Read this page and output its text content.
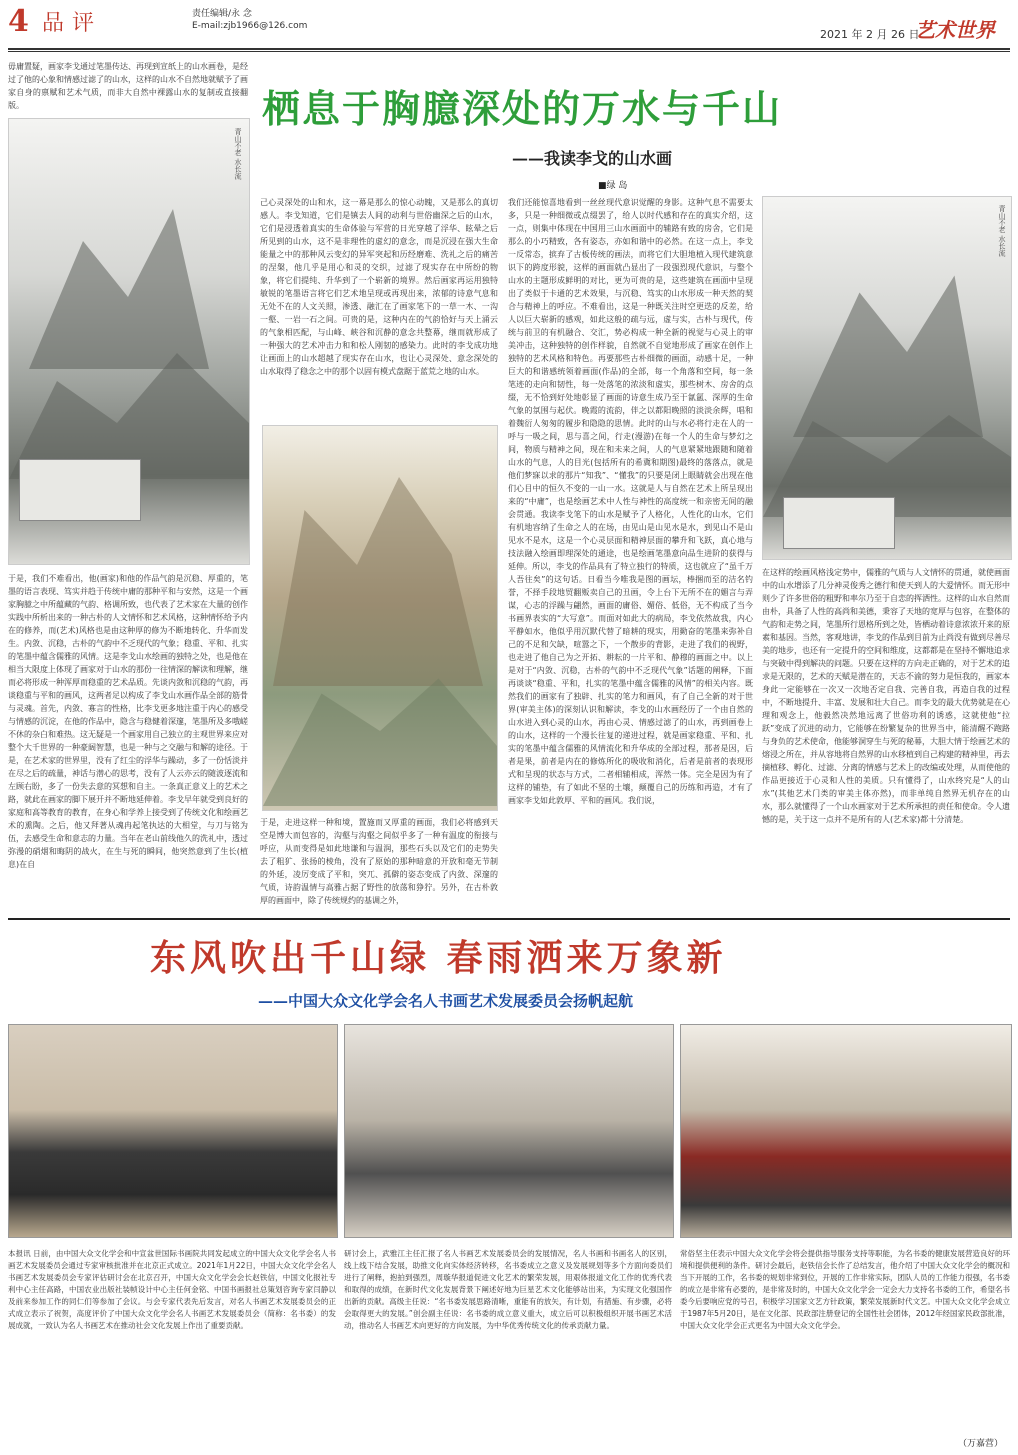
4 品评	责任编辑/永 念
E-mail:zjb1966@126.com
2021 年 2 月 26 日
艺术世界
毋庸置疑，画家李戈通过笔墨传达、再现到宣纸上的山水画卷，是经过了他的心象和情感过滤了的山水，这样的山水不自然地就赋予了画家自身的禀赋和艺术气质，而非大自然中裸露山水的复制或直接翻版。	栖息于胸臆深处的万水与千山
——我读李戈的山水画
■绿 岛
青山不老 水长流
于是，我们不难看出，他(画家)和他的作品气韵是沉稳、厚重的，笔墨的语言表现、笃实并趋于传统中庸的那种平和与安然，这是一个画家胸臆之中所蕴藏的气韵、格调所致，也代表了艺术家在大量的创作实践中所析出来的一种古朴的人文情怀和艺术风格，这种情怀给予内在的修养，而(艺术)风格也是由这种厚的修为不断地转化、升华而发生。内敛、沉稳，古朴的气韵中不乏现代的气象；稳重、平和、扎实的笔墨中蕴含儒雅的风情。这是李戈山水绘画的独特之处，也是他在相当大限度上体现了画家对于山水的那份一往情深的解读和理解，继而必将形成一种浑厚而稳重的艺术品质。先谈内敛和沉稳的气韵，再谈稳重与平和的画风，这两者足以构成了李戈山水画作品全部的筋骨与灵魂。首先，内敛、寡言的性格，比李戈更多地注重于内心的感受与情感的沉淀，在他的作品中，隐含与稳健着深邃，笔墨所及多哦嵯不休的杂白和难热。这无疑是一个画家用自己独立的主观世界来应对整个大千世界的一种豪阔智慧，也是一种与之交融与和解的途径。于是，在艺术家的世界里，没有了红尘的浮华与躁动，多了一份恬淡并在尽之后的疏量，神话与潜心的思考，没有了人云亦云的随波逐流和左顾右盼，多了一份失去意的冥想和自主。一条真正意义上的艺术之路，就此在画家的脚下展开并不断地延伸着。李戈早年就受到良好的家庭和高等教育的教育，在身心和学养上接受到了传统文化和绘画艺术的熏陶。之后，他又拜著从魂冉起笔执达的大相堂，与刀与铭为伍，去感受生命和意志的力量。当年在老山前线他久的洗礼中，透过弥漫的硝烟和晦阴的战火，在生与死的瞬间，他突然意到了生长(植息)在自
己心灵深处的山和水，这一幕是那么的惊心动魄，又是那么的真切感人。李戈知道，它们是镇去人间的动利与世俗幽深之后的山水，它们是浸透着真实的生命体验与军营的日光穿越了浮华、眩晕之后所见到的山水，这不是非理性的虚幻的意念，而是沉浸在强大生命能量之中的那种风云变幻的异军突起和历经磨难、洗礼之后的痛苦的涅槃，他几乎是用心和灵的交织，过滤了现实存在中所纷的物象，将它们提纯、升华到了一个崭新的境界。然后画家再运用独特敏锐的笔墨语言将它们艺术地呈现或再现出来，浓郁的诗意气息和无处不在的人文关照，渗透、融汇在了画家笔下的一草一木、一沟一壑、一岩一石之间。可贵的是，这种内在的气韵恰好与天上涌云的气象相匹配，与山峰、峡谷和沉静的意念共整幕，继而就形成了一种强大的艺术冲击力和和松人刚韧的感染力。此时的李戈成功地让画面上的山水超越了现实存在山水，也让心灵深处、意念深处的山水取得了稳念之中的那个以固有模式盘踞于蓝荒之地的山水。
于是，走进这样一种和境，置施而又厚重的画面，我们必将感到天空是博大而包容的，沟壑与沟壑之间似乎多了一种有温度的衔接与呼应，从而变得是如此地谦和与温润，那些石头以及它们的走势失去了粗犷、张扬的棱角，没有了原始的那种暗意的开放和毫无节制的外延，凌厉变成了平和，突兀、孤僻的姿态变成了内敛、深邃的气质，诗韵温情与高雅占据了野性的放荡和狰狞。另外，在古朴敦厚的画面中，除了传统规约的基调之外，
我们还能惊喜地看到一丝丝现代意识觉醒的身影。这种气息不需要太多，只是一种细微或点缀罢了，给人以时代感和存在的真实介绍，这一点，则集中体现在中国用三山水画面中的辅路有致的房舍，它们是那么的小巧精致，各有姿态，亦如和谐中的必然。在这一点上，李戈一反常态，摈弃了古板传统的画法，而将它们大胆地植入现代建筑意识下的跨度形貌，这样的画面就凸显出了一段强烈现代意识，与整个山水的主题形成鲜明的对比，更为可贵的是，这些建筑在画面中呈现出了类似于卡通的艺术效果，与沉稳、笃实的山水形成一种天然的契合与精神上的呼应。不难看出，这是一种既关注时空更迭的反差，给人以巨大崭新的感观，如此这般的疏与远，虚与实，古朴与现代，传统与前卫的有机融合、交汇，势必构成一种全新的视觉与心灵上的审美冲击，这种独特的创作样貌，自然就不自觉地形成了画家在创作上独特的艺术风格和特色。再要那些古朴细微的画面，动感十足，一种巨大的和谐感统领着画面(作品)的全部，每一个角落和空间，每一条笔迹的走向和韧性，每一处落笔的浓淡和虚实，那些树木、房舍的点缀，无不恰到好处地彰显了画面的诗意生成乃至于氤氲、深厚的生命气象的氛围与起伏。晚霞的流韵，伴之以都阳晚照的淡淡余辉，唱和着魏衍人匆匆的履步和隐隐的思情。此时的山与水必将行走在人的一呼与一吸之间，思与喜之间，行走(漫游)在每一个人的生命与梦幻之间，物质与精神之间，现在和未来之间，人的气息紧紧地跟随和随着山水的气息，人的目光(包括所有的希冀和期图)最终的落落点，就是他们梦寐以求的那片“知我”、“懂我”的只要是闭上眼睛就会出现在他们心目中的恒久不变的一山一水。这就是人与自然在艺术上所呈现出来的“中庸”，也是绘画艺术中人性与神性的高度统一和亲密无间的融会贯通。我读李戈笔下的山水是赋予了人格化，人性化的山水，它们有机地容纳了生命之人的在场，由见山是山见水是水，到见山不是山见水不是水，这是一个心灵层面和精神层面的攀升和飞跃，真心地与技法融入绘画即理深处的通途，也是绘画笔墨意向品生进阶的获得与延伸。所以，李戈的作品具有了特立独行的特质，这也就应了“虽千万人吾往矣”的这句话。日看当今唯我是图的画坛，棒捆而至的洁名钓誉，不择手段地贸翻贩卖自己的丑画，令上台下无所不在的媚言与弄谋，心志的浮躁与翩然，画面的庸俗、媚俗、低俗，无不构成了当今书画界表实的“大写意”。而面对如此大的病局，李戈依然故我，内心平静如水，他似乎用沉默代替了暗耕的现实，用勤奋的笔墨来弥补自己的不足和欠缺，喧嚣之下，一个散步的背影，走进了我们的视野，也走进了他自己为之开拓、耕耘的一片平和、静穆的画面之中。以上是对于“内敛、沉稳，古朴的气韵中不乏现代气象”话题的阐释，下面再谈谈“稳重、平和，扎实的笔墨中蕴含儒雅的风情”的相关内容。既然我们的画家有了独辟、扎实的笔力和画风，有了自己全新的对于世界(审美主体)的深刻认识和解读，李戈的山水画经历了一个由自然的山水进入到心灵的山水，再由心灵、情感过滤了的山水，再到画卷上的山水，这样的一个漫长往复的递进过程，就是画家稳重、平和、扎实的笔墨中蕴含儒雅的风情流化和升华成的全部过程，那者是因，后者是果，前者是内在的修炼所化的吸收和消化，后者是前者的表现形式和呈现的状态与方式，二者相辅相成，浑然一体。完全是因为有了这样的铺垫，有了如此不坚的土壤，颠覆自己的历练和再造，才有了画家李戈如此敦厚、平和的画风。我们说，
青山不老 水长流
在这样的绘画风格浅定势中，儒雅的气质与人文情怀的贯通，就使画面中的山水增添了几分神灵俊秀之德行和使天到人的大爱情怀。而无形中则少了许多世俗的粗野和率尔乃至于自恋的挥洒性。这样的山水自然而由朴，具备了人性的高尚和美德，秉容了天地的宽厚与包容，在整体的气韵和走势之间，笔墨所行恩格所到之处，皆栖动着诗意浓浓开来的原素和基因。当然，客观地讲，李戈的作品到目前为止尚没有做到尽善尽美的地步，也还有一定提升的空间和维度，这都都是在坚持不懈地追求与突破中得到解决的问题。只要在这样的方向走正确的，对于艺术的追求是无限的，艺术的天赋是潜在的，天志不渝的努力是恒我的，画家本身此一定能够在一次又一次地否定自我、完善自我，再造自我的过程中，不断地提升、丰富、发展和壮大自己。而李戈的最大优势就是在心理和观念上，他毅然决然地远离了世俗功利的诱惑，这就使他“拉跃”变成了沉进的动力，它能够在纷繁复杂的世界当中，能清醒不跑路与身负的艺术使命，他能够洞穿生与死的秘幕，大胆大情于绘画艺术的熔浸之所在，并从容地将自然界的山水移植到自己构建的精神里，再去摘植移、孵化、过滤、分离的情感与艺术上的改编或处理，从而使他的作品更接近于心灵和人性的美质。只有懂得了，山水终究是“人的山水”(其他艺术门类的审美主体亦然)，而非单纯自然界无机存在的山水，那么就懂得了一个山水画家对于艺术所承担的责任和使命。令人遗憾的是，关于这一点并不是所有的人(艺术家)都十分清楚。
东风吹出千山绿 春雨洒来万象新
——中国大众文化学会名人书画艺术发展委员会扬帆起航
本报讯 日前，由中国大众文化学会和中宣盆世国际书画院共同发起成立的中国大众文化学会名人书画艺术发展委员会通过专家审核批准并在北京正式成立。2021年1月22日，中国大众文化学会名人书画艺术发展委员会专家评估研讨会在北京召开，中国大众文化学会会长赵铁信，中国文化报社专利中心主任高路，中国农业出版社装帧设计中心主任何金铭、中国书画报社总策划咨询专家闫静以及前来参加工作的同仁们等参加了会议。与会专家代表先后发言，对名人书画艺术发展委员会的正式成立表示了祝贺，高度评价了中国大众文化学会名人书画艺术发展委员会（简称：名书委）的发展成就，一致认为名人书画艺术在推动社会文化发展上作出了重要贡献。
研讨会上，武雅江主任汇报了名人书画艺术发展委员会的发展情况，名人书画和书画名人的区别，线上线下结合发展，助推文化向实体经济转移，名书委成立之意义及发展规划等多个方面向委员们进行了阐释，抱拍到强烈，周璇华报道促进文化艺术的繁荣发展，用艰体报道文化工作的优秀代表和取得的成绩，在新时代文化发展背景下阐述好地为巨星艺术文化能够站出来，为实现文化强国作出新的贡献。高级主任说：“名书委发展思路清晰，重能有的放矢，有计划，有措施、有步骤，必将会取得更大的发展。”创会副主任说：名书委的成立意义重大，成立后可以积极组织开展书画艺术活动，推动名人书画艺术向更好的方向发展，为中华优秀传统文化的传承贡献力量。
常俗坚主任表示中国大众文化学会将会提供指导服务支持等职能，为名书委的健康发展营造良好的环境和提供便利的条件。研讨会最后，赵铁信会长作了总结发言，他介绍了中国大众文化学会的概况和当下开展的工作，名书委的规划非常到位，开展的工作非常实际，团队人员的工作能力很强，名书委的成立是非常有必要的，是非常及时的，中国大众文化学会一定会大力支持名书委的工作，希望名书委今后要响应党的号召，积极学习国家文艺方针政策，繁荣发展新时代文艺。中国大众文化学会成立于1987年5月20日，是在文化部、民政部注册登记的全国性社会团体，2012年经国家民政部批准，中国大众文化学会正式更名为中国大众文化学会。
（万嘉营）
